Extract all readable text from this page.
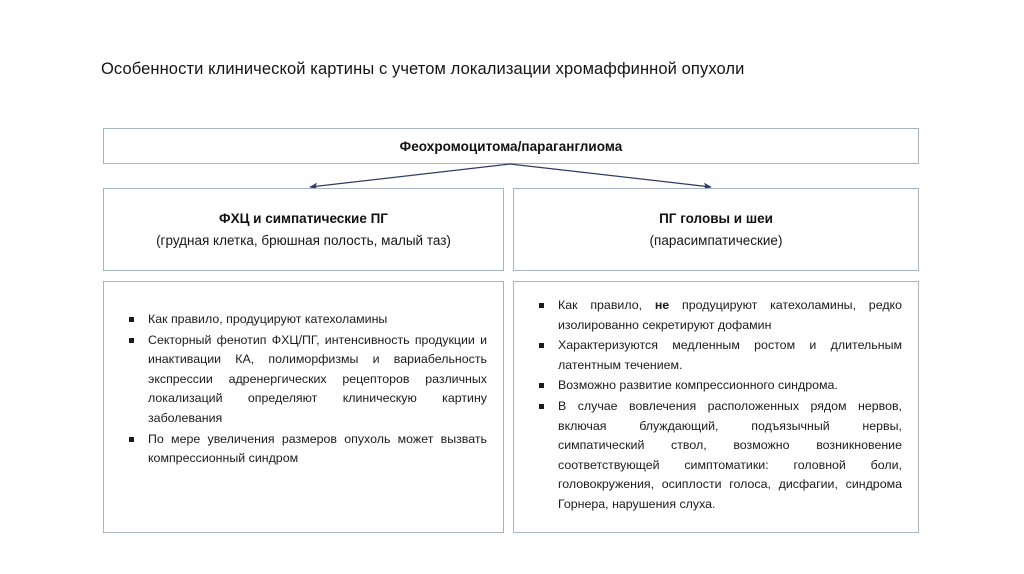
Особенности клинической картины с учетом локализации хромаффинной опухоли
Феохромоцитома/параганглиома
ФХЦ и симпатические ПГ
(грудная клетка, брюшная полость, малый таз)
ПГ головы и шеи
(парасимпатические)
Как правило, продуцируют катехоламины
Секторный фенотип ФХЦ/ПГ, интенсивность продукции и инактивации КА, полиморфизмы и вариабельность экспрессии адренергических рецепторов различных локализаций определяют клиническую картину заболевания
По мере увеличения размеров опухоль может вызвать компрессионный синдром
Как правило, не продуцируют катехоламины, редко изолированно секретируют дофамин
Характеризуются медленным ростом и длительным латентным течением.
Возможно развитие компрессионного синдрома.
В случае вовлечения расположенных рядом нервов, включая блуждающий, подъязычный нервы, симпатический ствол, возможно возникновение соответствующей симптоматики: головной боли, головокружения, осиплости голоса, дисфагии, синдрома Горнера, нарушения слуха.
